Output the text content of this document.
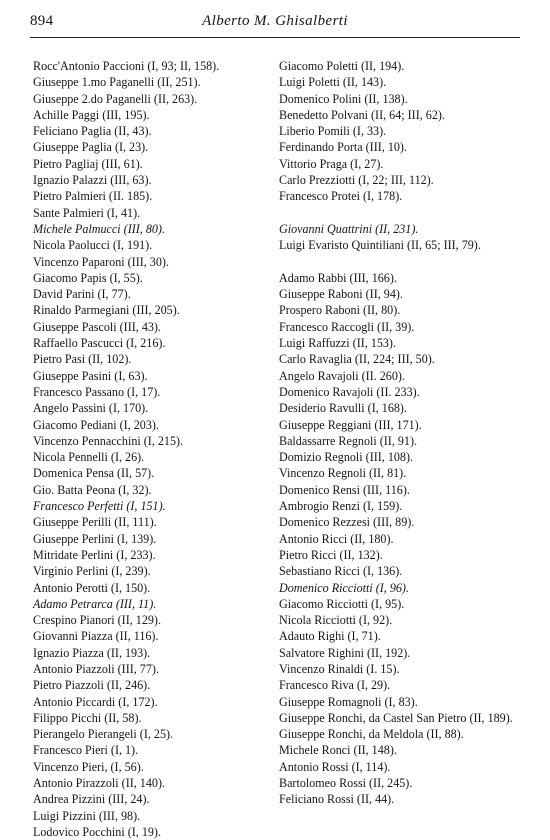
894	Alberto M. Ghisalberti
Rocc'Antonio Paccioni (I, 93; II, 158).
Giuseppe 1.mo Paganelli (II, 251).
Giuseppe 2.do Paganelli (II, 263).
Achille Paggi (III, 195).
Feliciano Paglia (II, 43).
Giuseppe Paglia (I, 23).
Pietro Pagliaj (III, 61).
Ignazio Palazzi (III, 63).
Pietro Palmieri (II. 185).
Sante Palmieri (I, 41).
Michele Palmucci (III, 80).
Nicola Paolucci (I, 191).
Vincenzo Paparoni (III, 30).
Giacomo Papis (I, 55).
David Parini (I, 77).
Rinaldo Parmegiani (III, 205).
Giuseppe Pascoli (III, 43).
Raffaello Pascucci (I, 216).
Pietro Pasi (II, 102).
Giuseppe Pasini (I, 63).
Francesco Passano (I, 17).
Angelo Passini (I, 170).
Giacomo Pediani (I, 203).
Vincenzo Pennacchini (I, 215).
Nicola Pennelli (I, 26).
Domenica Pensa (II, 57).
Gio. Batta Peona (I, 32).
Francesco Perfetti (I, 151).
Giuseppe Perilli (II, 111).
Giuseppe Perlini (I, 139).
Mitridate Perlini (I, 233).
Virginio Perlini (I, 239).
Antonio Perotti (I, 150).
Adamo Petrarca (III, 11).
Crespino Pianori (II, 129).
Giovanni Piazza (II, 116).
Ignazio Piazza (II, 193).
Antonio Piazzoli (III, 77).
Pietro Piazzoli (II, 246).
Antonio Piccardi (I, 172).
Filippo Picchi (II, 58).
Pierangelo Pierangeli (I, 25).
Francesco Pieri (I, 1).
Vincenzo Pieri, (I, 56).
Antonio Pirazzoli (II, 140).
Andrea Pizzini (III, 24).
Luigi Pizzini (III, 98).
Lodovico Pocchini (I, 19).
Giacomo Poletti (II, 194).
Luigi Poletti (II, 143).
Domenico Polini (II, 138).
Benedetto Polvani (II, 64; III, 62).
Liberio Pomili (I, 33).
Ferdinando Porta (III, 10).
Vittorio Praga (I, 27).
Carlo Prezziotti (I, 22; III, 112).
Francesco Protei (I, 178).
Giovanni Quattrini (II, 231).
Luigi Evaristo Quintiliani (II, 65; III, 79).
Adamo Rabbi (III, 166).
Giuseppe Raboni (II, 94).
Prospero Raboni (II, 80).
Francesco Raccogli (II, 39).
Luigi Raffuzzi (II, 153).
Carlo Ravaglia (II, 224; III, 50).
Angelo Ravajoli (II. 260).
Domenico Ravajoli (II. 233).
Desiderio Ravulli (I, 168).
Giuseppe Reggiani (III, 171).
Baldassarre Regnoli (II, 91).
Domizio Regnoli (III, 108).
Vincenzo Regnoli (II, 81).
Domenico Rensi (III, 116).
Ambrogio Renzi (I, 159).
Domenico Rezzesi (III, 89).
Antonio Ricci (II, 180).
Pietro Ricci (II, 132).
Sebastiano Ricci (I, 136).
Domenico Ricciotti (I, 96).
Giacomo Ricciotti (I, 95).
Nicola Ricciotti (I, 92).
Adauto Righi (I, 71).
Salvatore Righini (II, 192).
Vincenzo Rinaldi (I. 15).
Francesco Riva (I, 29).
Giuseppe Romagnoli (I, 83).
Giuseppe Ronchi, da Castel San Pietro (II, 189).
Giuseppe Ronchi, da Meldola (II, 88).
Michele Ronci (II, 148).
Antonio Rossi (I, 114).
Bartolomeo Rossi (II, 245).
Feliciano Rossi (II, 44).
